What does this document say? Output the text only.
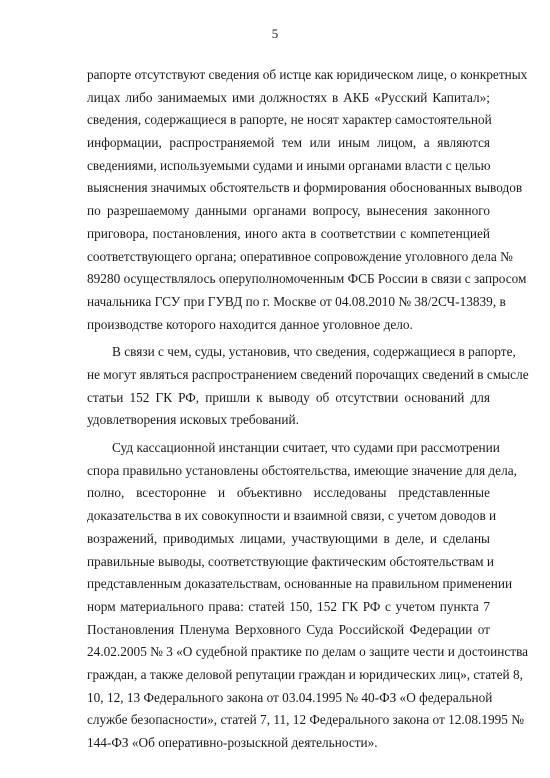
5
рапорте отсутствуют сведения об истце как юридическом лице, о конкретных
лицах либо занимаемых ими должностях в АКБ «Русский Капитал»;
сведения, содержащиеся в рапорте, не носят характер самостоятельной
информации, распространяемой тем или иным лицом, а являются
сведениями, используемыми судами и иными органами власти с целью
выяснения значимых обстоятельств и формирования обоснованных выводов
по разрешаемому данными органами вопросу, вынесения законного
приговора, постановления, иного акта в соответствии с компетенцией
соответствующего органа; оперативное сопровождение уголовного дела №
89280 осуществлялось оперуполномоченным ФСБ России в связи с запросом
начальника ГСУ при ГУВД по г. Москве от 04.08.2010 № 38/2СЧ-13839, в
производстве которого находится данное уголовное дело.
В связи с чем, суды, установив, что сведения, содержащиеся в рапорте,
не могут являться распространением сведений порочащих сведений в смысле
статьи 152 ГК РФ, пришли к выводу об отсутствии оснований для
удовлетворения исковых требований.
Суд кассационной инстанции считает, что судами при рассмотрении
спора правильно установлены обстоятельства, имеющие значение для дела,
полно, всесторонне и объективно исследованы представленные
доказательства в их совокупности и взаимной связи, с учетом доводов и
возражений, приводимых лицами, участвующими в деле, и сделаны
правильные выводы, соответствующие фактическим обстоятельствам и
представленным доказательствам, основанные на правильном применении
норм материального права: статей 150, 152 ГК РФ с учетом пункта 7
Постановления Пленума Верховного Суда Российской Федерации от
24.02.2005 № 3 «О судебной практике по делам о защите чести и достоинства
граждан, а также деловой репутации граждан и юридических лиц», статей 8,
10, 12, 13 Федерального закона от 03.04.1995 № 40-ФЗ «О федеральной
службе безопасности», статей 7, 11, 12 Федерального закона от 12.08.1995 №
144-ФЗ «Об оперативно-розыскной деятельности».
